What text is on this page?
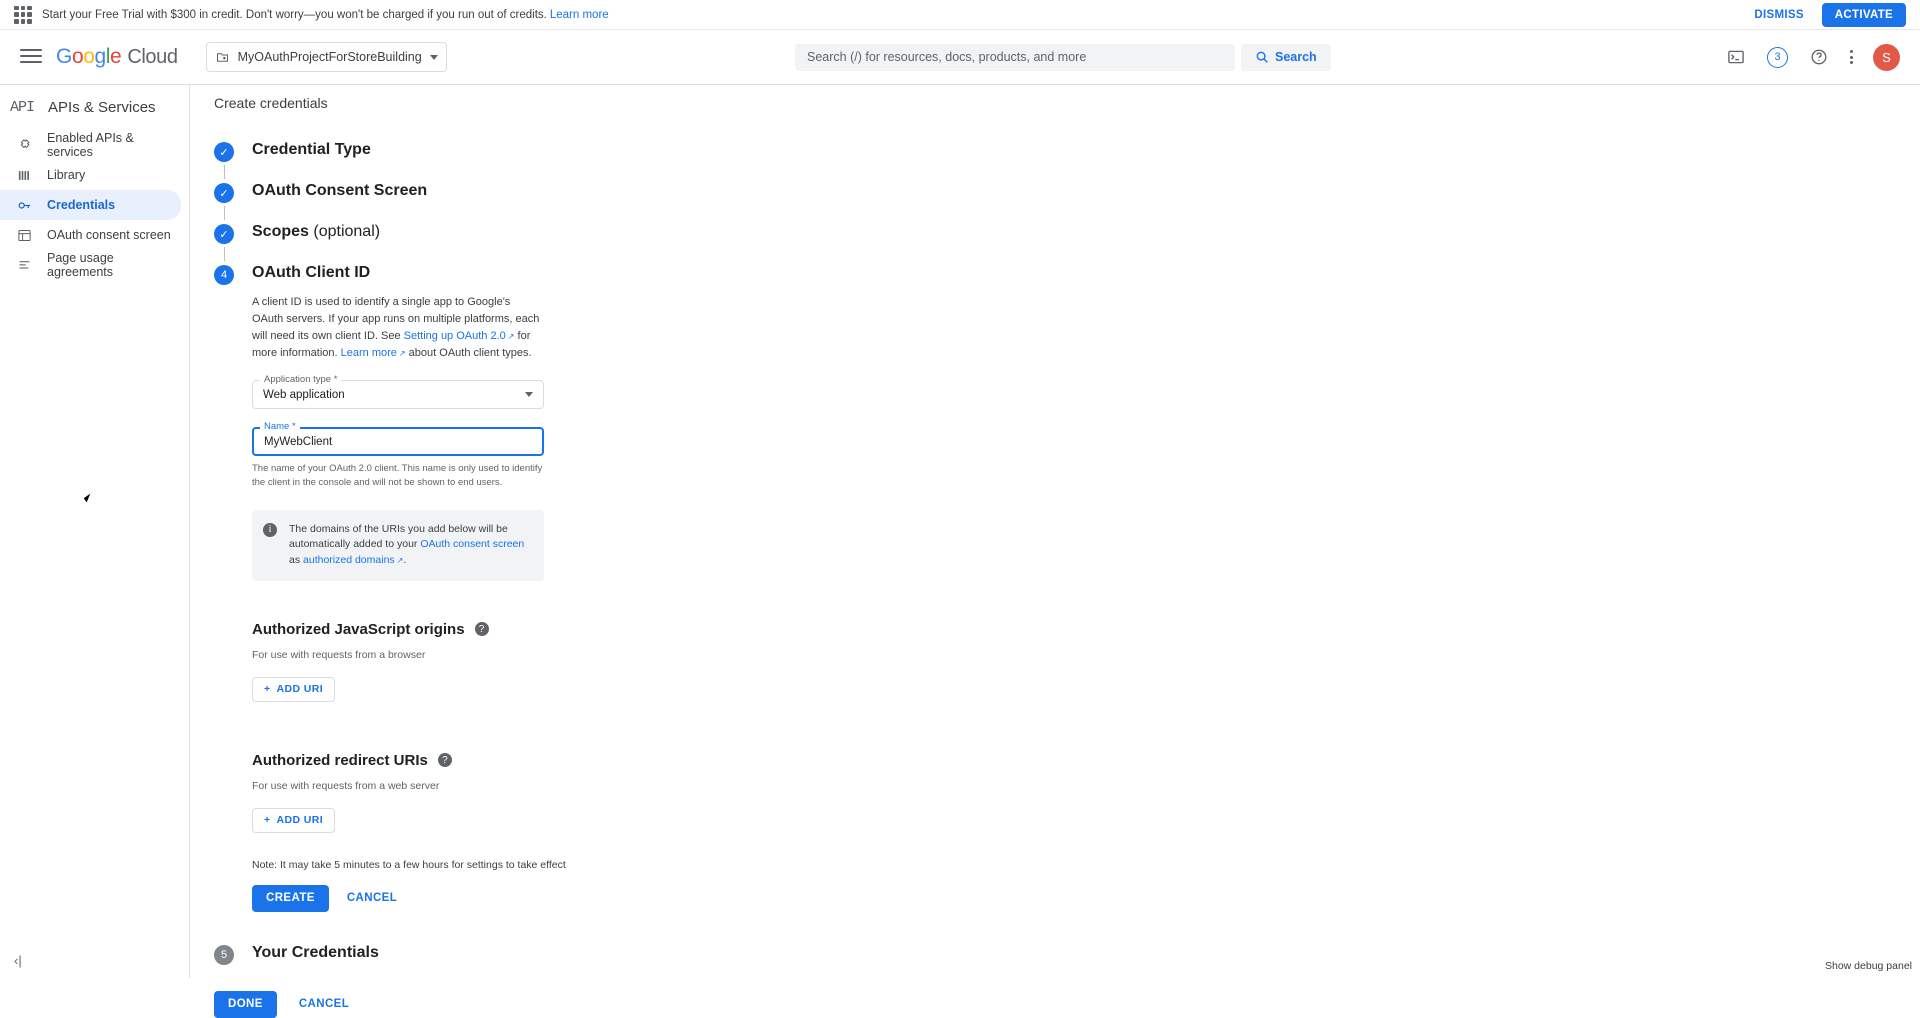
Start your Free Trial with $300 in credit. Don't worry—you won't be charged if you run out of credits. Learn more	DISMISS	ACTIVATE
Google Cloud	MyOAuthProjectForStoreBuilding
Search (/) for resources, docs, products, and more	Search	3	S
API APIs & Services
Enabled APIs & services
Library
Credentials
OAuth consent screen
Page usage agreements
‹|
Create credentials
✓	Credential Type
✓	OAuth Consent Screen
✓	Scopes (optional)
4	OAuth Client ID
A client ID is used to identify a single app to Google's OAuth servers. If your app runs on multiple platforms, each will need its own client ID. See Setting up OAuth 2.0 ↗ for more information. Learn more ↗ about OAuth client types.
Application type *
Web application
Name *
MyWebClient
The name of your OAuth 2.0 client. This name is only used to identify the client in the console and will not be shown to end users.
i	The domains of the URIs you add below will be automatically added to your OAuth consent screen as authorized domains ↗ .
Authorized JavaScript origins	?
For use with requests from a browser
+ ADD URI
Authorized redirect URIs	?
For use with requests from a web server
+ ADD URI
Note: It may take 5 minutes to a few hours for settings to take effect
CREATE	CANCEL
5	Your Credentials
DONE	CANCEL
Show debug panel
